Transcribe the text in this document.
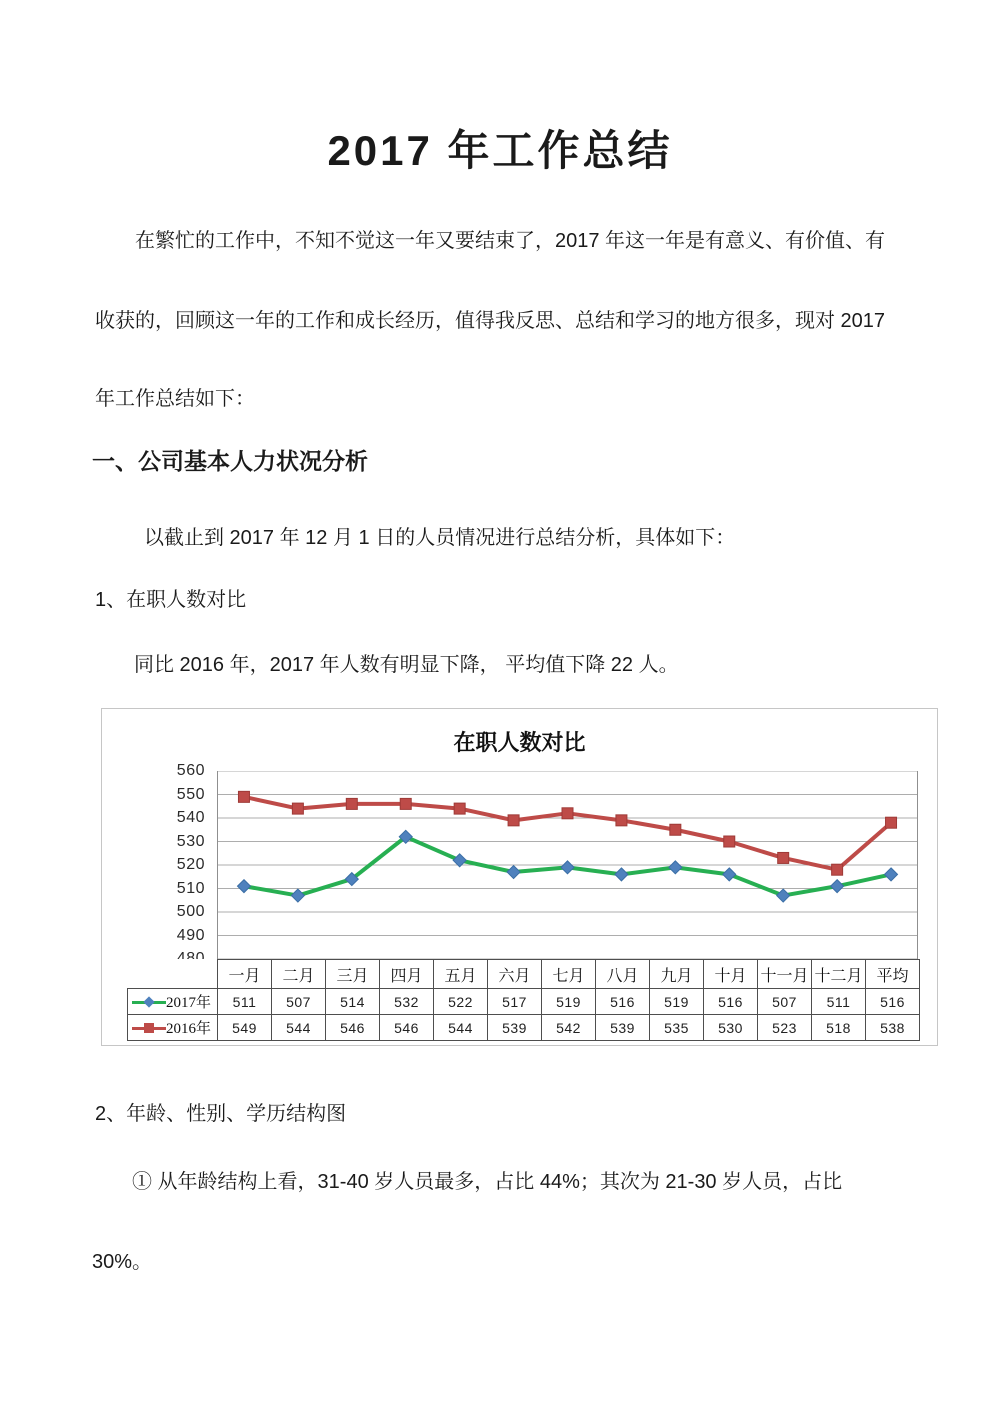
2017 年工作总结
在繁忙的工作中，不知不觉这一年又要结束了，2017 年这一年是有意义、有价值、有
收获的，回顾这一年的工作和成长经历，值得我反思、总结和学习的地方很多，现对 2017
年工作总结如下：
一、公司基本人力状况分析
以截止到 2017 年 12 月 1 日的人员情况进行总结分析，具体如下：
1、在职人数对比
同比 2016 年，2017 年人数有明显下降， 平均值下降 22 人。
在职人数对比
560
550
540
530
520
510
500
490
	一月	二月	三月	四月	五月	六月	七月	八月	九月	十月	十一月	十二月	平均

2017年	511	507	514	532	522	517	519	516	519	516	507	511	516

2016年	549	544	546	546	544	539	542	539	535	530	523	518	538
2、年龄、性别、学历结构图
① 从年龄结构上看，31-40 岁人员最多，占比 44%；其次为 21-30 岁人员，占比
30%。
